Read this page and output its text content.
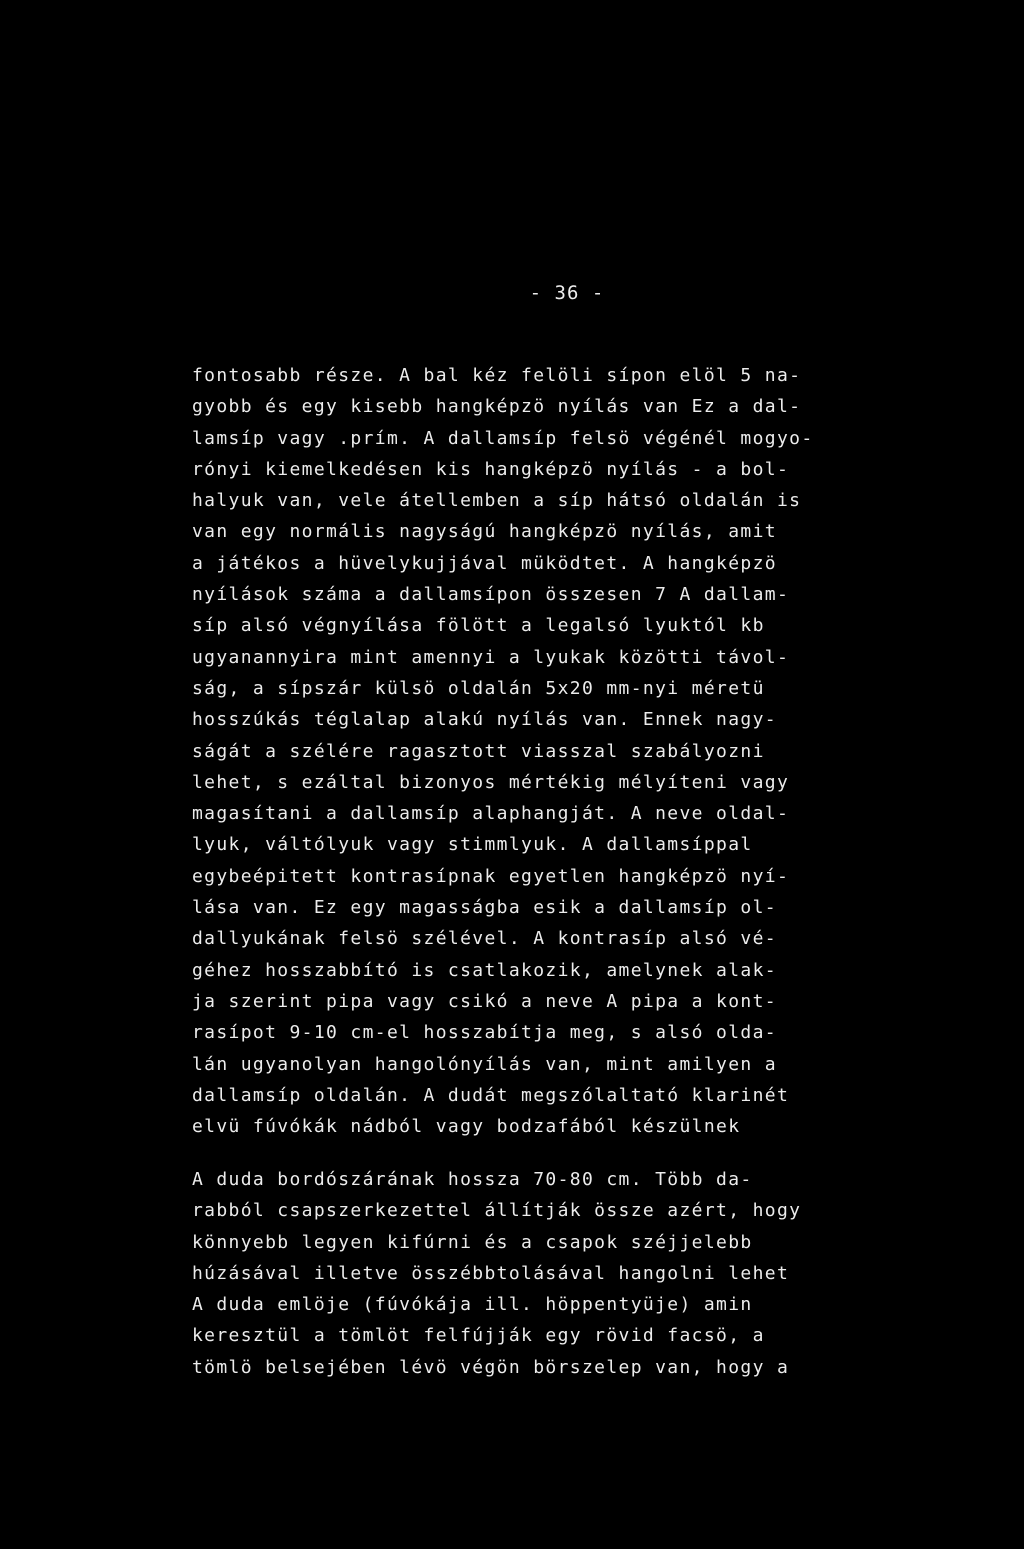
- 36 -
fontosabb része. A bal kéz felöli sípon elöl 5 na-
gyobb és egy kisebb hangképzö nyílás van Ez a dal-
lamsíp vagy .prím. A dallamsíp felsö végénél mogyo-
rónyi kiemelkedésen kis hangképzö nyílás - a bol-
halyuk van, vele átellemben a síp hátsó oldalán is
van egy normális nagyságú hangképzö nyílás, amit
a játékos a hüvelykujjával müködtet. A hangképzö
nyílások száma a dallamsípon összesen 7 A dallam-
síp alsó végnyílása fölött a legalsó lyuktól kb
ugyanannyira mint amennyi a lyukak közötti távol-
ság, a sípszár külsö oldalán 5x20 mm-nyi méretü
hosszúkás téglalap alakú nyílás van. Ennek nagy-
ságát a szélére ragasztott viasszal szabályozni
lehet, s ezáltal bizonyos mértékig mélyíteni vagy
magasítani a dallamsíp alaphangját. A neve oldal-
lyuk, váltólyuk vagy stimmlyuk. A dallamsíppal
egybeépitett kontrasípnak egyetlen hangképzö nyí-
lása van. Ez egy magasságba esik a dallamsíp ol-
dallyukának felsö szélével. A kontrasíp alsó vé-
géhez hosszabbító is csatlakozik, amelynek alak-
ja szerint pipa vagy csikó a neve A pipa a kont-
rasípot 9-10 cm-el hosszabítja meg, s alsó olda-
lán ugyanolyan hangolónyílás van, mint amilyen a
dallamsíp oldalán. A dudát megszólaltató klarinét
elvü fúvókák nádból vagy bodzafából készülnek
A duda bordószárának hossza 70-80 cm. Több da-
rabból csapszerkezettel állítják össze azért, hogy
könnyebb legyen kifúrni és a csapok széjjelebb
húzásával illetve összébbtolásával hangolni lehet
A duda emlöje (fúvókája ill. höppentyüje) amin
keresztül a tömlöt felfújják egy rövid facsö, a
tömlö belsejében lévö végön börszelep van, hogy a
